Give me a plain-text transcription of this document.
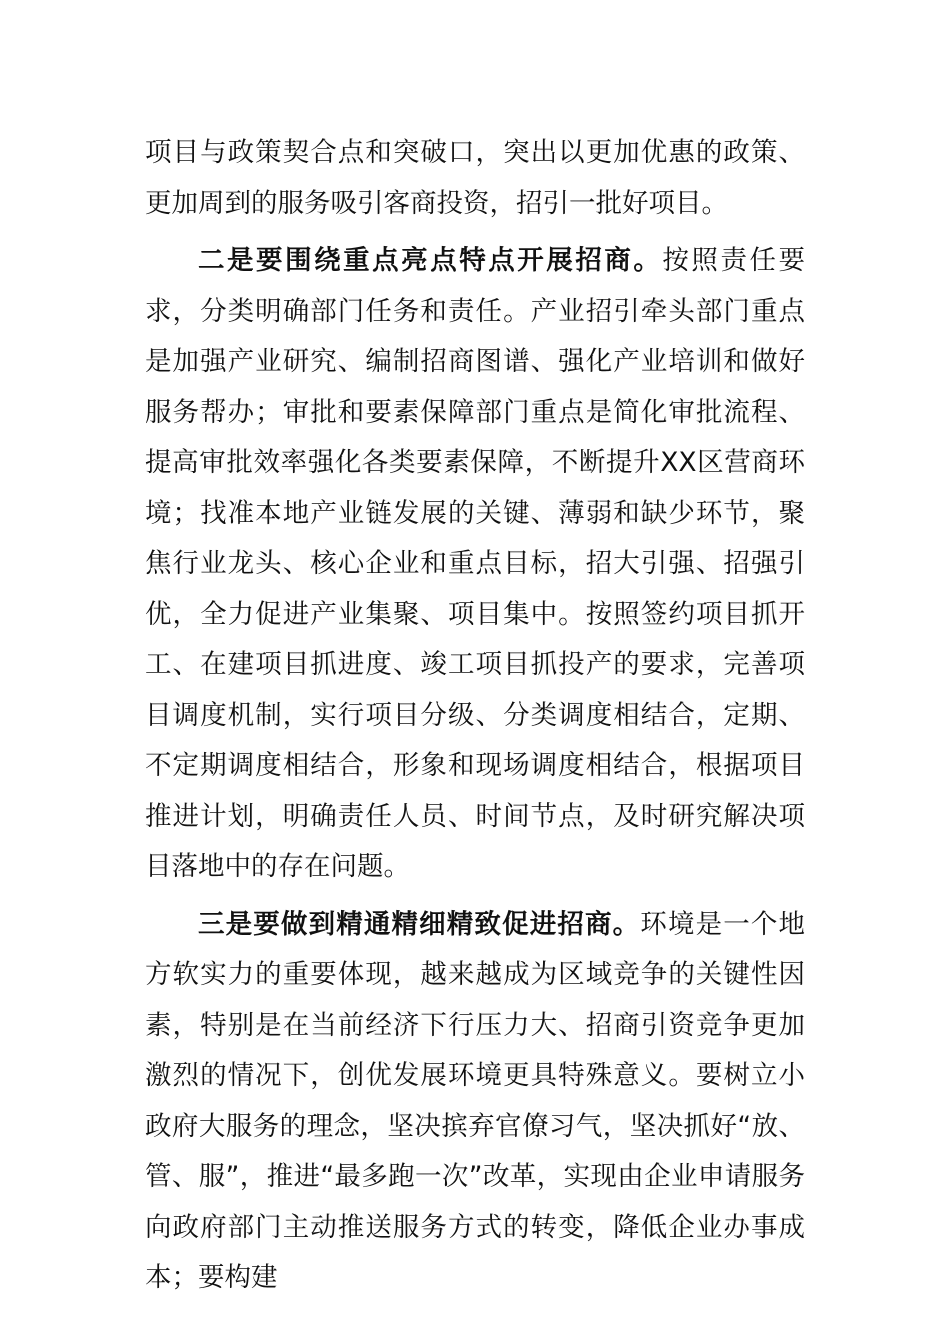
项目与政策契合点和突破口，突出以更加优惠的政策、更加周到的服务吸引客商投资，招引一批好项目。

二是要围绕重点亮点特点开展招商。按照责任要求，分类明确部门任务和责任。产业招引牵头部门重点是加强产业研究、编制招商图谱、强化产业培训和做好服务帮办；审批和要素保障部门重点是简化审批流程、提高审批效率强化各类要素保障，不断提升XX区营商环境；找准本地产业链发展的关键、薄弱和缺少环节，聚焦行业龙头、核心企业和重点目标，招大引强、招强引优，全力促进产业集聚、项目集中。按照签约项目抓开工、在建项目抓进度、竣工项目抓投产的要求，完善项目调度机制，实行项目分级、分类调度相结合，定期、不定期调度相结合，形象和现场调度相结合，根据项目推进计划，明确责任人员、时间节点，及时研究解决项目落地中的存在问题。

三是要做到精通精细精致促进招商。环境是一个地方软实力的重要体现，越来越成为区域竞争的关键性因素，特别是在当前经济下行压力大、招商引资竞争更加激烈的情况下，创优发展环境更具特殊意义。要树立小政府大服务的理念，坚决摈弃官僚习气，坚决抓好“放、管、服”，推进“最多跑一次”改革，实现由企业申请服务向政府部门主动推送服务方式的转变，降低企业办事成本；要构建
